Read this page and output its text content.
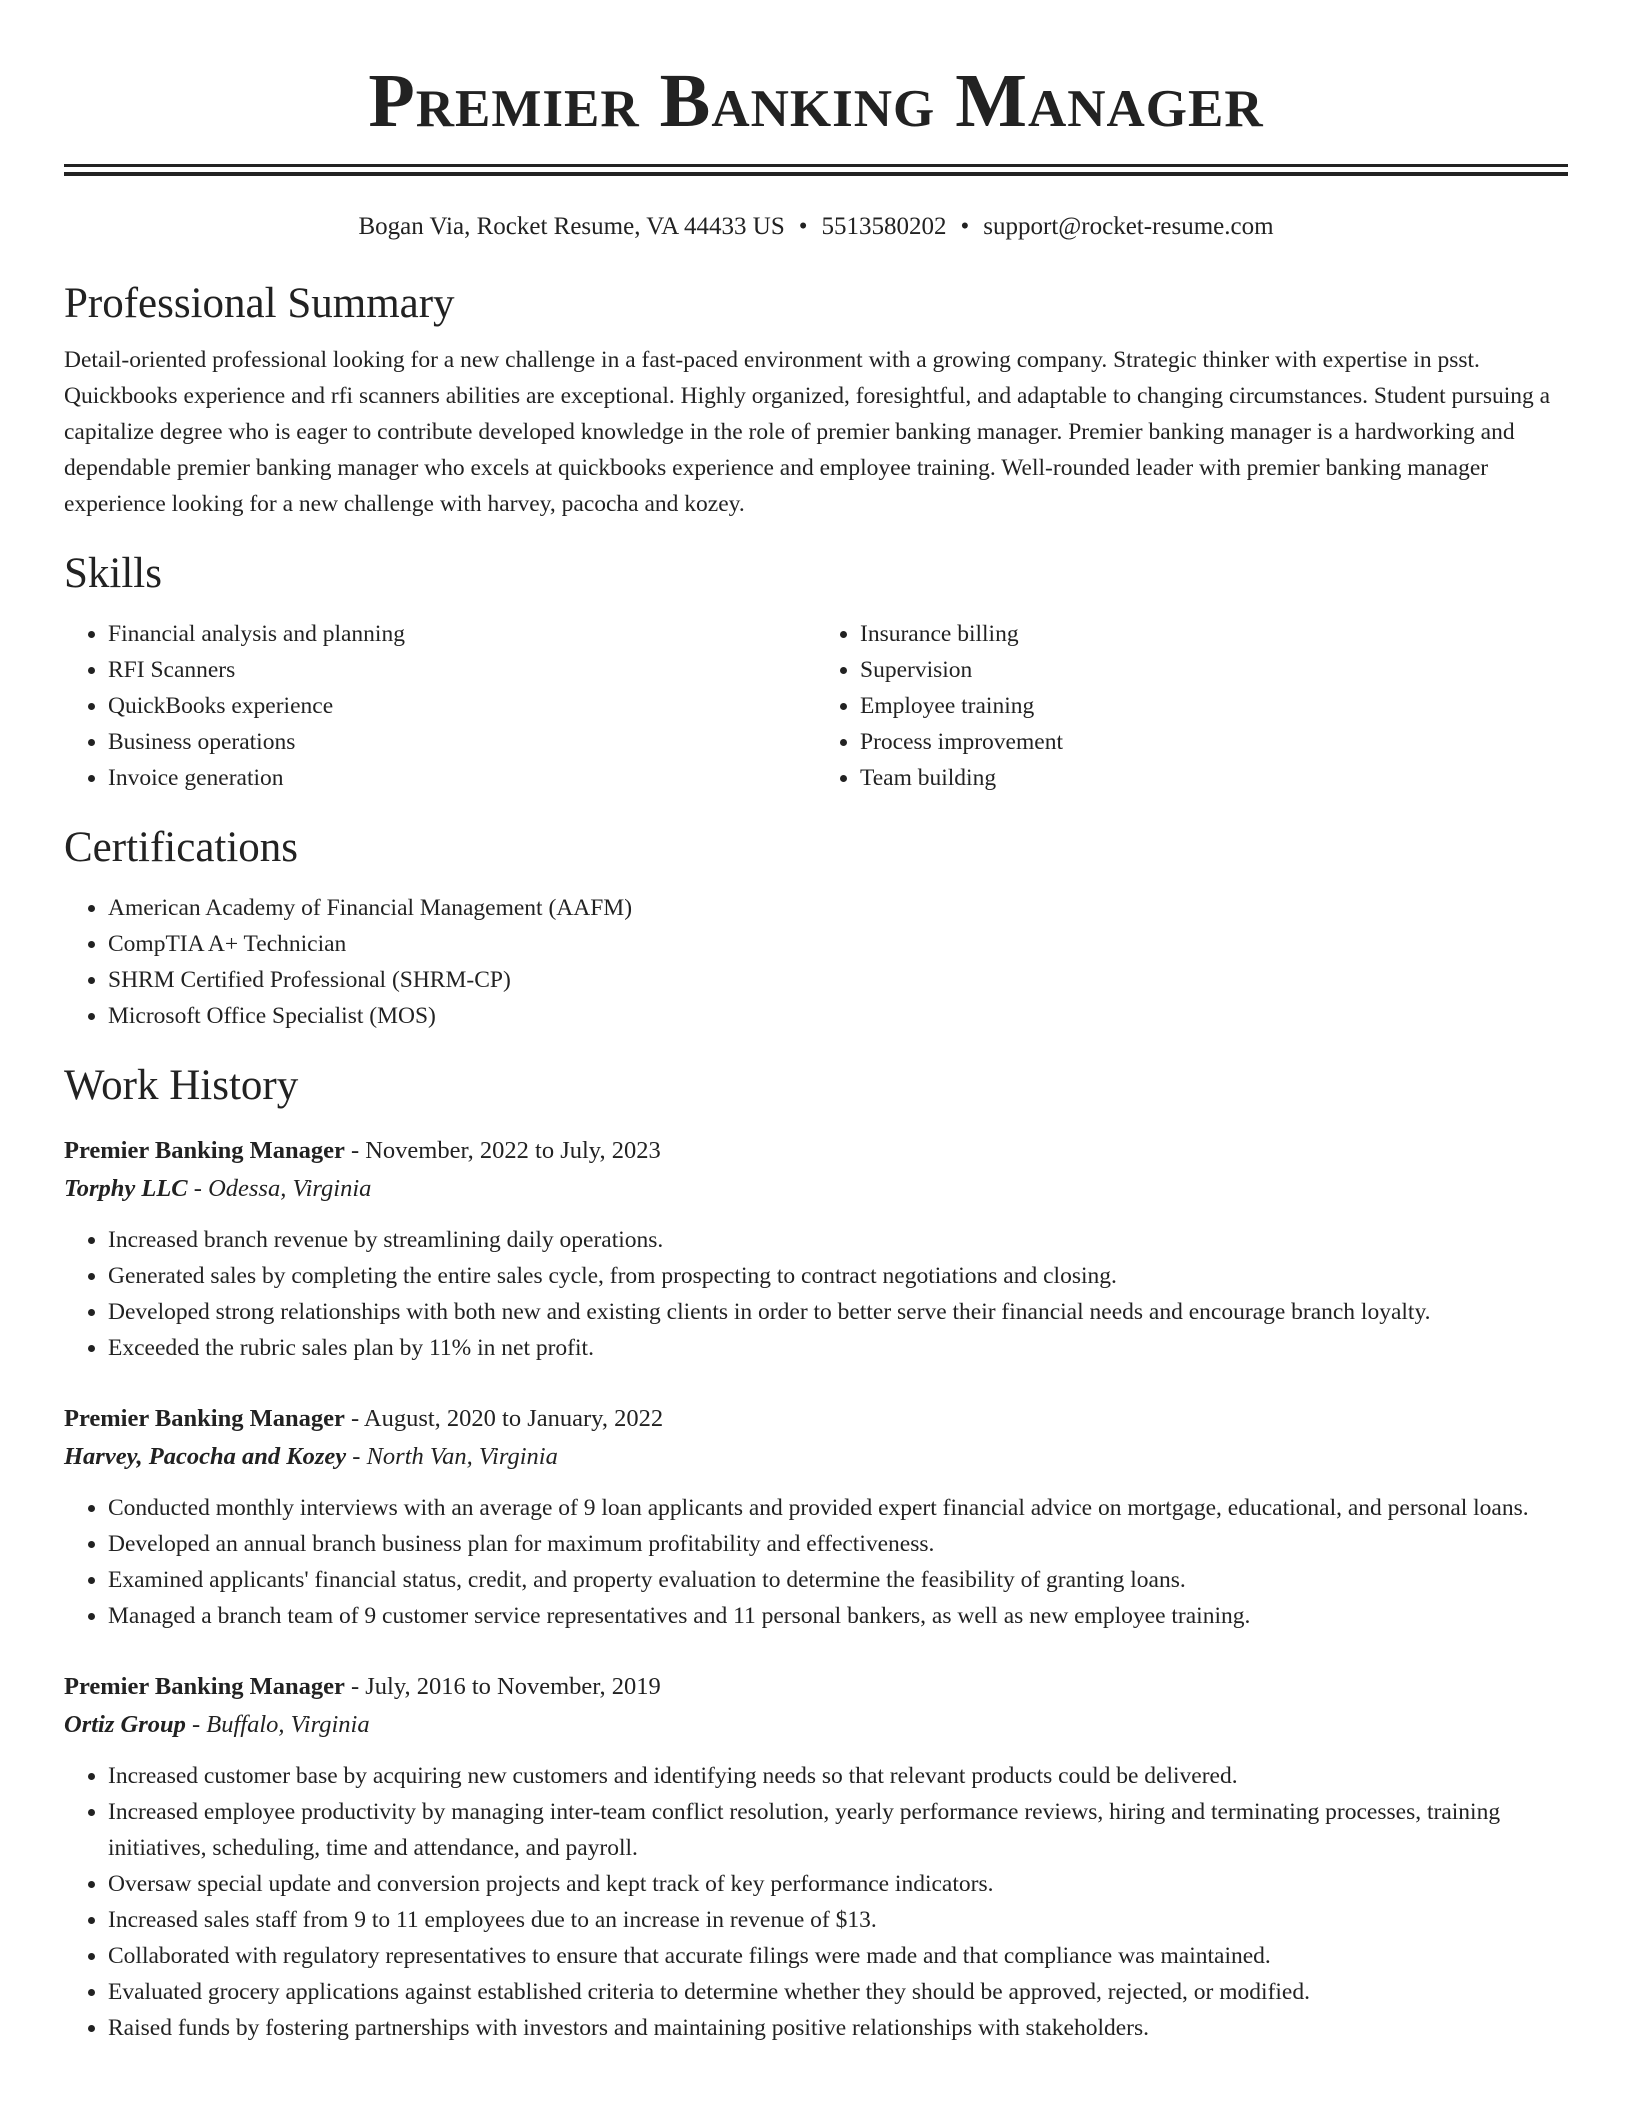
Premier Banking Manager
Bogan Via, Rocket Resume, VA 44433 US • 5513580202 • support@rocket-resume.com
Professional Summary
Detail-oriented professional looking for a new challenge in a fast-paced environment with a growing company. Strategic thinker with expertise in psst. Quickbooks experience and rfi scanners abilities are exceptional. Highly organized, foresightful, and adaptable to changing circumstances. Student pursuing a capitalize degree who is eager to contribute developed knowledge in the role of premier banking manager. Premier banking manager is a hardworking and dependable premier banking manager who excels at quickbooks experience and employee training. Well-rounded leader with premier banking manager experience looking for a new challenge with harvey, pacocha and kozey.
Skills
• Financial analysis and planning
• RFI Scanners
• QuickBooks experience
• Business operations
• Invoice generation
• Insurance billing
• Supervision
• Employee training
• Process improvement
• Team building
Certifications
• American Academy of Financial Management (AAFM)
• CompTIA A+ Technician
• SHRM Certified Professional (SHRM-CP)
• Microsoft Office Specialist (MOS)
Work History
Premier Banking Manager - November, 2022 to July, 2023
Torphy LLC - Odessa, Virginia
• Increased branch revenue by streamlining daily operations.
• Generated sales by completing the entire sales cycle, from prospecting to contract negotiations and closing.
• Developed strong relationships with both new and existing clients in order to better serve their financial needs and encourage branch loyalty.
• Exceeded the rubric sales plan by 11% in net profit.
Premier Banking Manager - August, 2020 to January, 2022
Harvey, Pacocha and Kozey - North Van, Virginia
• Conducted monthly interviews with an average of 9 loan applicants and provided expert financial advice on mortgage, educational, and personal loans.
• Developed an annual branch business plan for maximum profitability and effectiveness.
• Examined applicants' financial status, credit, and property evaluation to determine the feasibility of granting loans.
• Managed a branch team of 9 customer service representatives and 11 personal bankers, as well as new employee training.
Premier Banking Manager - July, 2016 to November, 2019
Ortiz Group - Buffalo, Virginia
• Increased customer base by acquiring new customers and identifying needs so that relevant products could be delivered.
• Increased employee productivity by managing inter-team conflict resolution, yearly performance reviews, hiring and terminating processes, training initiatives, scheduling, time and attendance, and payroll.
• Oversaw special update and conversion projects and kept track of key performance indicators.
• Increased sales staff from 9 to 11 employees due to an increase in revenue of $13.
• Collaborated with regulatory representatives to ensure that accurate filings were made and that compliance was maintained.
• Evaluated grocery applications against established criteria to determine whether they should be approved, rejected, or modified.
• Raised funds by fostering partnerships with investors and maintaining positive relationships with stakeholders.
